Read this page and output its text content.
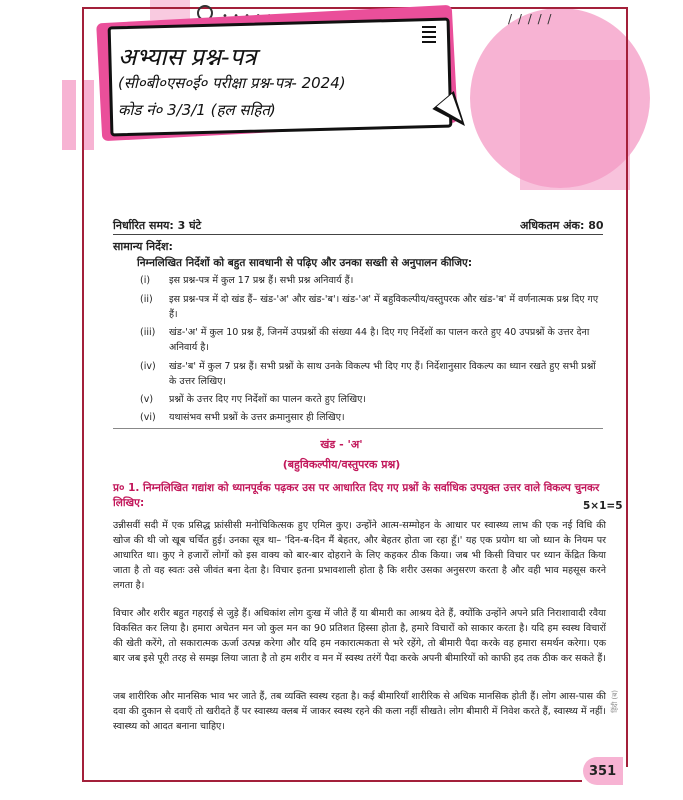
/ / / / /
अभ्यास प्रश्न-पत्र
(सी०बी०एस०ई० परीक्षा प्रश्न-पत्र- 2024)
कोड नं० 3/3/1 (हल सहित)
निर्धारित समय: 3 घंटे	अधिकतम अंक: 80
सामान्य निर्देश:
निम्नलिखित निर्देशों को बहुत सावधानी से पढ़िए और उनका सख्ती से अनुपालन कीजिए:
(i)	इस प्रश्न-पत्र में कुल 17 प्रश्न हैं। सभी प्रश्न अनिवार्य हैं।
(ii)	इस प्रश्न-पत्र में दो खंड हैं– खंड-'अ' और खंड-'ब'। खंड-'अ' में बहुविकल्पीय/वस्तुपरक और खंड-'ब' में वर्णनात्मक प्रश्न दिए गए हैं।
(iii)	खंड-'अ' में कुल 10 प्रश्न हैं, जिनमें उपप्रश्नों की संख्या 44 है। दिए गए निर्देशों का पालन करते हुए 40 उपप्रश्नों के उत्तर देना अनिवार्य है।
(iv)	खंड-'ब' में कुल 7 प्रश्न हैं। सभी प्रश्नों के साथ उनके विकल्प भी दिए गए हैं। निर्देशानुसार विकल्प का ध्यान रखते हुए सभी प्रश्नों के उत्तर लिखिए।
(v)	प्रश्नों के उत्तर दिए गए निर्देशों का पालन करते हुए लिखिए।
(vi)	यथासंभव सभी प्रश्नों के उत्तर क्रमानुसार ही लिखिए।
खंड - 'अ'
(बहुविकल्पीय/वस्तुपरक प्रश्न)
प्र० 1. निम्नलिखित गद्यांश को ध्यानपूर्वक पढ़कर उस पर आधारित दिए गए प्रश्नों के सर्वाधिक उपयुक्त उत्तर वाले विकल्प चुनकर लिखिए:	5×1=5
उन्नीसवीं सदी में एक प्रसिद्ध फ्रांसीसी मनोचिकित्सक हुए एमिल कुए। उन्होंने आत्म-सम्मोहन के आधार पर स्वास्थ्य लाभ की एक नई विधि की खोज की थी जो खूब चर्चित हुई। उनका सूत्र था– 'दिन-ब-दिन मैं बेहतर, और बेहतर होता जा रहा हूँ।' यह एक प्रयोग था जो ध्यान के नियम पर आधारित था। कुए ने हजारों लोगों को इस वाक्य को बार-बार दोहराने के लिए कहकर ठीक किया। जब भी किसी विचार पर ध्यान केंद्रित किया जाता है तो वह स्वतः उसे जीवंत बना देता है। विचार इतना प्रभावशाली होता है कि शरीर उसका अनुसरण करता है और वही भाव महसूस करने लगता है।
विचार और शरीर बहुत गहराई से जुड़े हैं। अधिकांश लोग दुःख में जीते हैं या बीमारी का आश्रय देते हैं, क्योंकि उन्होंने अपने प्रति निराशावादी रवैया विकसित कर लिया है। हमारा अचेतन मन जो कुल मन का 90 प्रतिशत हिस्सा होता है, हमारे विचारों को साकार करता है। यदि हम स्वस्थ विचारों की खेती करेंगे, तो सकारात्मक ऊर्जा उत्पन्न करेगा और यदि हम नकारात्मकता से भरे रहेंगे, तो बीमारी पैदा करके वह हमारा समर्थन करेगा। एक बार जब इसे पूरी तरह से समझ लिया जाता है तो हम शरीर व मन में स्वस्थ तरंगें पैदा करके अपनी बीमारियों को काफी हद तक ठीक कर सकते हैं।
जब शारीरिक और मानसिक भाव भर जाते हैं, तब व्यक्ति स्वस्थ रहता है। कई बीमारियाँ शारीरिक से अधिक मानसिक होती हैं। लोग आस-पास की दवा की दुकान से दवाएँ तो खरीदते हैं पर स्वास्थ्य क्लब में जाकर स्वस्थ रहने की कला नहीं सीखते। लोग बीमारी में निवेश करते हैं, स्वास्थ्य में नहीं। स्वास्थ्य को आदत बनाना चाहिए।
हिंदी (ब)
351
